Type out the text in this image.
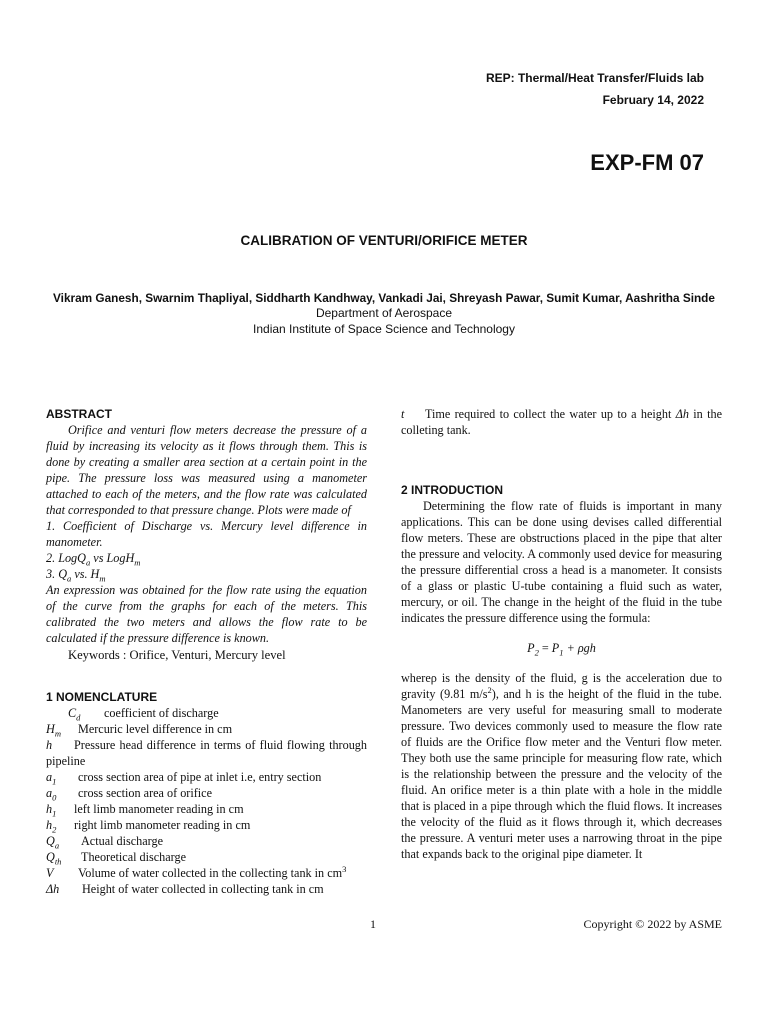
REP: Thermal/Heat Transfer/Fluids lab
February 14, 2022
EXP-FM 07
CALIBRATION OF VENTURI/ORIFICE METER
Vikram Ganesh, Swarnim Thapliyal, Siddharth Kandhway, Vankadi Jai, Shreyash Pawar, Sumit Kumar, Aashritha Sinde
Department of Aerospace
Indian Institute of Space Science and Technology
ABSTRACT

Orifice and venturi flow meters decrease the pressure of a fluid by increasing its velocity as it flows through them. This is done by creating a smaller area section at a certain point in the pipe. The pressure loss was measured using a manometer attached to each of the meters, and the flow rate was calculated that corresponded to that pressure change. Plots were made of

1. Coefficient of Discharge vs. Mercury level difference in manometer.

2. LogQ$_a$ vs LogH$_m$

3. $Q_a$ vs. $H_m$

An expression was obtained for the flow rate using the equation of the curve from the graphs for each of the meters. This calibrated the two meters and allows the flow rate to be calculated if the pressure difference is known.

Keywords : Orifice, Venturi, Mercury level
1 NOMENCLATURE
$C_d$ coefficient of discharge
$H_m$ Mercuric level difference in cm
h Pressure head difference in terms of fluid flowing through pipeline
$a_1$ cross section area of pipe at inlet i.e, entry section
$a_0$ cross section area of orifice
$h_1$ left limb manometer reading in cm
$h_2$ right limb manometer reading in cm
$Q_a$ Actual discharge
$Q_{th}$ Theoretical discharge
V Volume of water collected in the collecting tank in $cm^3$
Δh Height of water collected in collecting tank in cm
t Time required to collect the water up to a height Δh in the colleting tank.
2 INTRODUCTION

Determining the flow rate of fluids is important in many applications. This can be done using devises called differential flow meters. These are obstructions placed in the pipe that alter the pressure and velocity. A commonly used device for measuring the pressure differential cross a head is a manometer. It consists of a glass or plastic U-tube containing a fluid such as water, mercury, or oil. The change in the height of the fluid in the tube indicates the pressure difference using the formula:

$P_2 = P_1 + \rho gh$
whereρ is the density of the fluid, g is the acceleration due to gravity (9.81 $m/s^2$), and h is the height of the fluid in the tube. Manometers are very useful for measuring small to moderate pressure. Two devices commonly used to measure the flow rate of fluids are the Orifice flow meter and the Venturi flow meter. They both use the same principle for measuring flow rate, which is the relationship between the pressure and the velocity of the fluid. An orifice meter is a thin plate with a hole in the middle that is placed in a pipe through which the fluid flows. It increases the velocity of the fluid as it flows through it, which decreases the pressure. A venturi meter uses a narrowing throat in the pipe that expands back to the original pipe diameter. It
1	Copyright © 2022 by ASME
